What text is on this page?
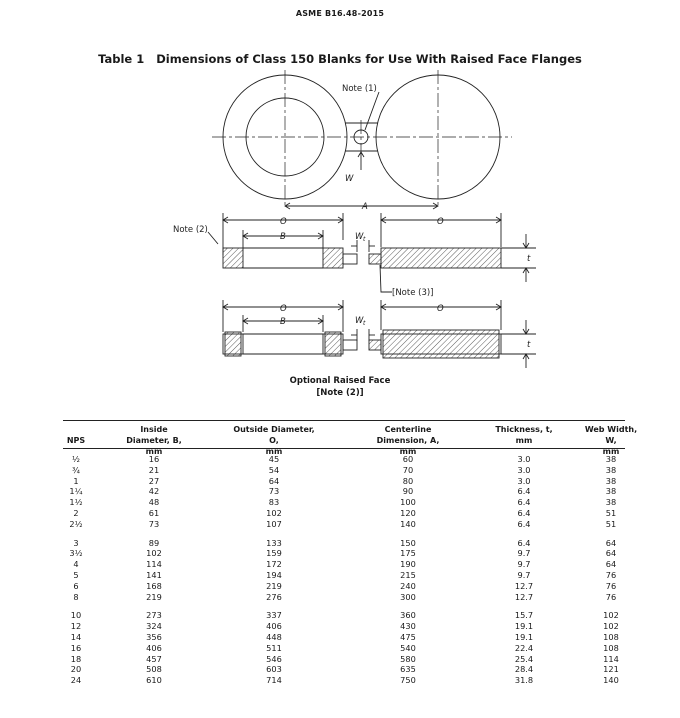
ASME B16.48-2015
Table 1 Dimensions of Class 150 Blanks for Use With Raised Face Flanges
Note (1)
W
A
O
B
O
W t
t
Note (2)
[Note (3)]
O
B
O
W t
t
Optional Raised Face
[Note (2)]
NPS
Inside Diameter, B,
mm
Outside Diameter, O,
mm
Centerline Dimension, A,
mm
Thickness, t,
mm
Web Width, W,
mm
½	16	45	60	3.0	38
¾	21	54	70	3.0	38
1	27	64	80	3.0	38
1¼	42	73	90	6.4	38
1½	48	83	100	6.4	38
2	61	102	120	6.4	51
2½	73	107	140	6.4	51
3	89	133	150	6.4	64
3½	102	159	175	9.7	64
4	114	172	190	9.7	64
5	141	194	215	9.7	76
6	168	219	240	12.7	76
8	219	276	300	12.7	76
10	273	337	360	15.7	102
12	324	406	430	19.1	102
14	356	448	475	19.1	108
16	406	511	540	22.4	108
18	457	546	580	25.4	114
20	508	603	635	28.4	121
24	610	714	750	31.8	140
